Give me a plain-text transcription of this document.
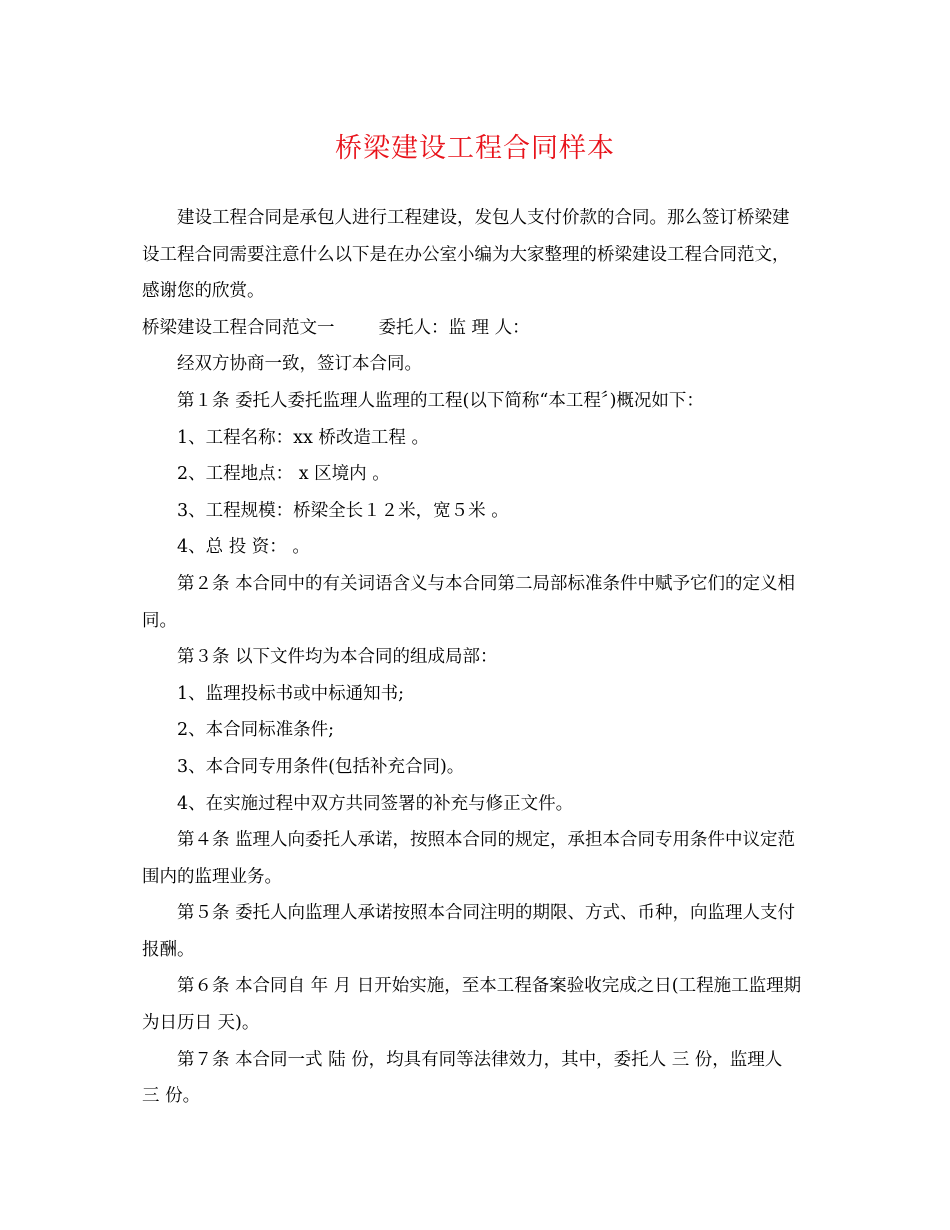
桥梁建设工程合同样本

建设工程合同是承包人进行工程建设，发包人支付价款的合同。那么签订桥梁建设工程合同需要注意什么以下是在办公室小编为大家整理的桥梁建设工程合同范文，感谢您的欣赏。

桥梁建设工程合同范文一	委托人：监 理 人：

经双方协商一致，签订本合同。

第１条 委托人委托监理人监理的工程(以下简称“本工程〞)概况如下：

1、工程名称：xx 桥改造工程 。

2、工程地点： x 区境内 。

3、工程规模：桥梁全长１２米，宽５米 。

4、总 投 资： 。

第２条 本合同中的有关词语含义与本合同第二局部标准条件中赋予它们的定义相同。

第３条 以下文件均为本合同的组成局部：

1、监理投标书或中标通知书;

2、本合同标准条件;

3、本合同专用条件(包括补充合同)。

4、在实施过程中双方共同签署的补充与修正文件。

第４条 监理人向委托人承诺，按照本合同的规定，承担本合同专用条件中议定范围内的监理业务。

第５条 委托人向监理人承诺按照本合同注明的期限、方式、币种，向监理人支付报酬。

第６条 本合同自 年 月 日开始实施，至本工程备案验收完成之日(工程施工监理期为日历日 天)。

第７条 本合同一式 陆 份，均具有同等法律效力，其中，委托人 三 份，监理人 三 份。
